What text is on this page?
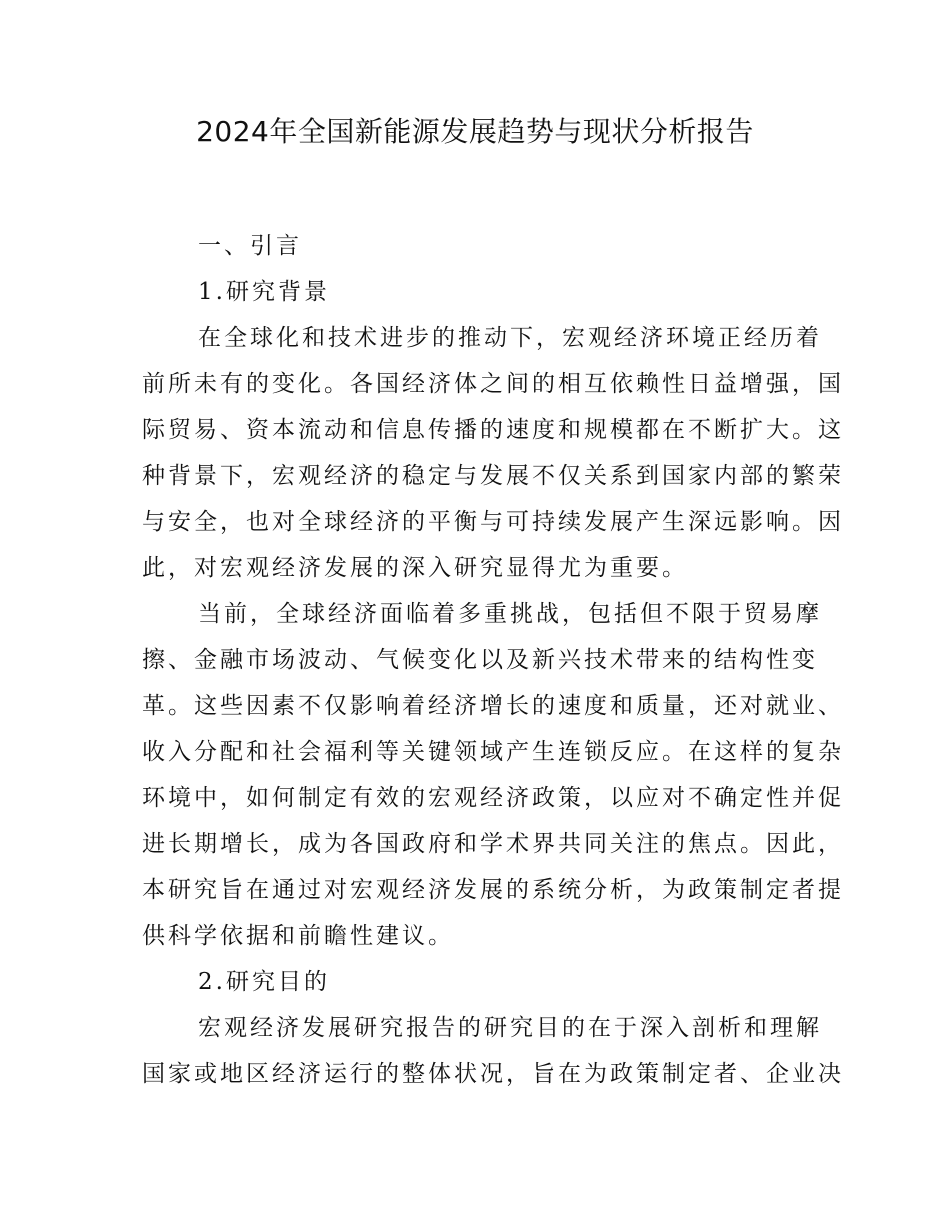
2024年全国新能源发展趋势与现状分析报告
一、引言
1.研究背景
在全球化和技术进步的推动下，宏观经济环境正经历着
前所未有的变化。各国经济体之间的相互依赖性日益增强，国
际贸易、资本流动和信息传播的速度和规模都在不断扩大。这
种背景下，宏观经济的稳定与发展不仅关系到国家内部的繁荣
与安全，也对全球经济的平衡与可持续发展产生深远影响。因
此，对宏观经济发展的深入研究显得尤为重要。
当前，全球经济面临着多重挑战，包括但不限于贸易摩
擦、金融市场波动、气候变化以及新兴技术带来的结构性变
革。这些因素不仅影响着经济增长的速度和质量，还对就业、
收入分配和社会福利等关键领域产生连锁反应。在这样的复杂
环境中，如何制定有效的宏观经济政策，以应对不确定性并促
进长期增长，成为各国政府和学术界共同关注的焦点。因此，
本研究旨在通过对宏观经济发展的系统分析，为政策制定者提
供科学依据和前瞻性建议。
2.研究目的
宏观经济发展研究报告的研究目的在于深入剖析和理解
国家或地区经济运行的整体状况，旨在为政策制定者、企业决
